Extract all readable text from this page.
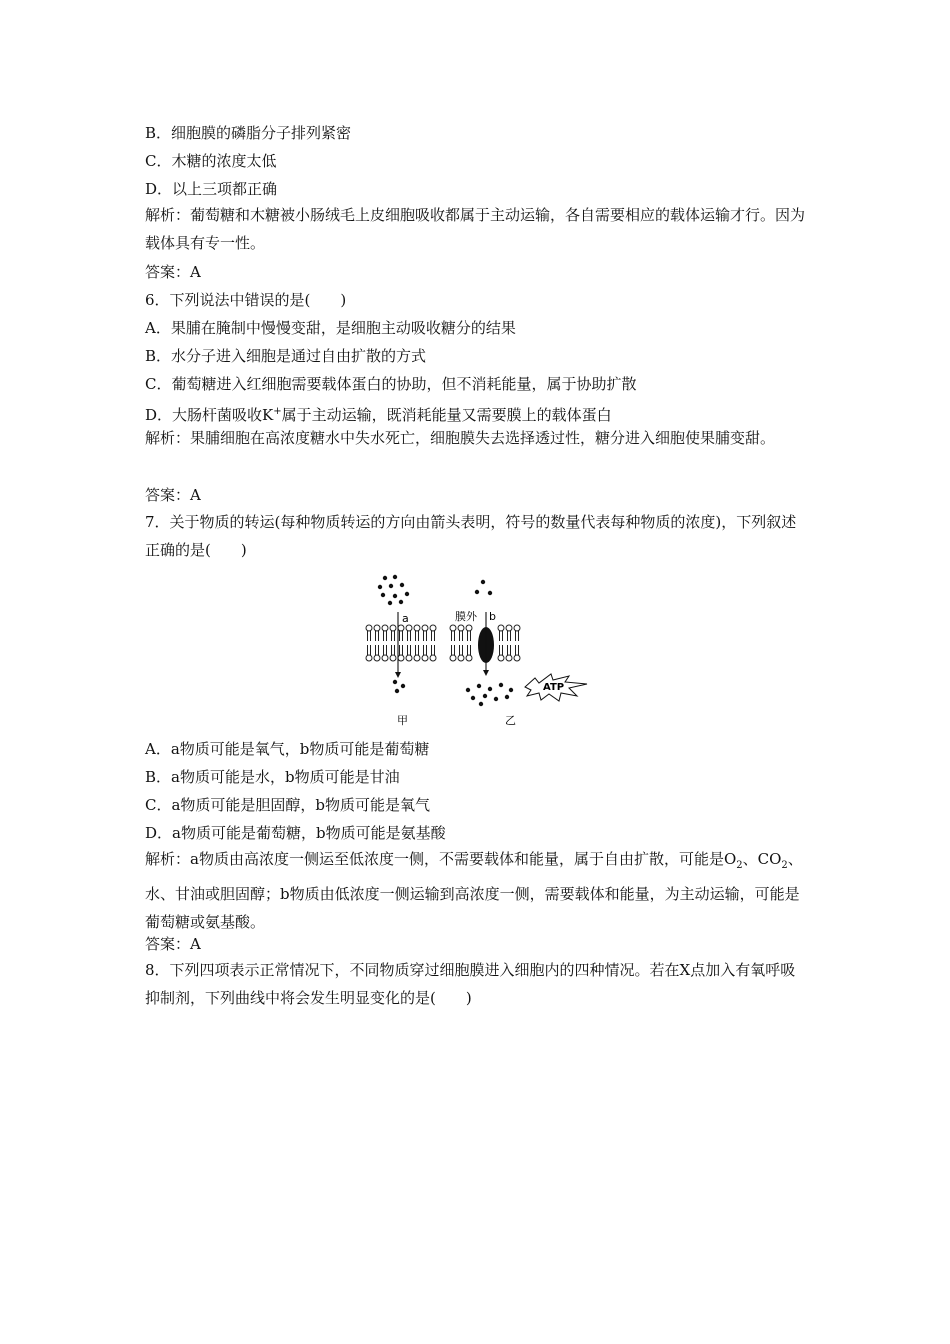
B．细胞膜的磷脂分子排列紧密
C．木糖的浓度太低
D．以上三项都正确
解析：葡萄糖和木糖被小肠绒毛上皮细胞吸收都属于主动运输，各自需要相应的载体运输才行。因为载体具有专一性。
答案：A
6．下列说法中错误的是(　　)
A．果脯在腌制中慢慢变甜，是细胞主动吸收糖分的结果
B．水分子进入细胞是通过自由扩散的方式
C．葡萄糖进入红细胞需要载体蛋白的协助，但不消耗能量，属于协助扩散
D．大肠杆菌吸收K+属于主动运输，既消耗能量又需要膜上的载体蛋白
解析：果脯细胞在高浓度糖水中失水死亡，细胞膜失去选择透过性，糖分进入细胞使果脯变甜。
答案：A
7．关于物质的转运(每种物质转运的方向由箭头表明，符号的数量代表每种物质的浓度)，下列叙述正确的是(　　)
a	膜外 b
ATP
甲	乙
A．a物质可能是氧气，b物质可能是葡萄糖
B．a物质可能是水，b物质可能是甘油
C．a物质可能是胆固醇，b物质可能是氧气
D．a物质可能是葡萄糖，b物质可能是氨基酸
解析：a物质由高浓度一侧运至低浓度一侧，不需要载体和能量，属于自由扩散，可能是$O_2$、$CO_2$、水、甘油或胆固醇；b物质由低浓度一侧运输到高浓度一侧，需要载体和能量，为主动运输，可能是葡萄糖或氨基酸。
答案：A
8．下列四项表示正常情况下，不同物质穿过细胞膜进入细胞内的四种情况。若在X点加入有氧呼吸抑制剂，下列曲线中将会发生明显变化的是(　　)
